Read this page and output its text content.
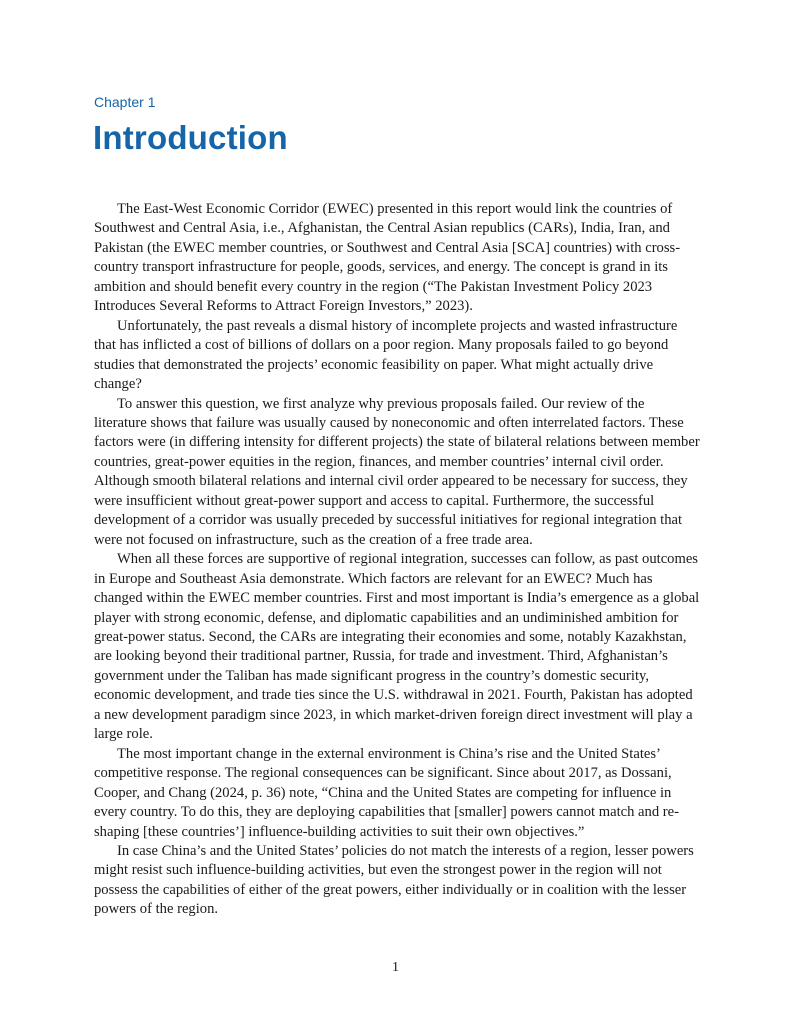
Chapter 1
Introduction

The East-West Economic Corridor (EWEC) presented in this report would link the countries of Southwest and Central Asia, i.e., Afghanistan, the Central Asian republics (CARs), India, Iran, and Pakistan (the EWEC member countries, or Southwest and Central Asia [SCA] countries) with cross-country transport infrastructure for people, goods, services, and energy. The concept is grand in its ambition and should benefit every country in the region (“The Pakistan Investment Policy 2023 Introduces Several Reforms to Attract Foreign Investors,” 2023).

Unfortunately, the past reveals a dismal history of incomplete projects and wasted infrastructure that has inflicted a cost of billions of dollars on a poor region. Many proposals failed to go beyond studies that demonstrated the projects’ economic feasibility on paper. What might actually drive change?

To answer this question, we first analyze why previous proposals failed. Our review of the literature shows that failure was usually caused by noneconomic and often interrelated factors. These factors were (in differing intensity for different projects) the state of bilateral relations between member countries, great-power equities in the region, finances, and member countries’ internal civil order. Although smooth bilateral relations and internal civil order appeared to be necessary for success, they were insufficient without great-power support and access to capital. Furthermore, the successful development of a corridor was usually preceded by successful initiatives for regional integration that were not focused on infrastructure, such as the creation of a free trade area.

When all these forces are supportive of regional integration, successes can follow, as past outcomes in Europe and Southeast Asia demonstrate. Which factors are relevant for an EWEC? Much has changed within the EWEC member countries. First and most important is India’s emergence as a global player with strong economic, defense, and diplomatic capabilities and an undiminished ambition for great-power status. Second, the CARs are integrating their economies and some, notably Kazakhstan, are looking beyond their traditional partner, Russia, for trade and investment. Third, Afghanistan’s government under the Taliban has made significant progress in the country’s domestic security, economic development, and trade ties since the U.S. withdrawal in 2021. Fourth, Pakistan has adopted a new development paradigm since 2023, in which market-driven foreign direct investment will play a large role.

The most important change in the external environment is China’s rise and the United States’ competitive response. The regional consequences can be significant. Since about 2017, as Dossani, Cooper, and Chang (2024, p. 36) note, “China and the United States are competing for influence in every country. To do this, they are deploying capabilities that [smaller] powers cannot match and re-shaping [these countries’] influence-building activities to suit their own objectives.”

In case China’s and the United States’ policies do not match the interests of a region, lesser powers might resist such influence-building activities, but even the strongest power in the region will not possess the capabilities of either of the great powers, either individually or in coalition with the lesser powers of the region.

1
